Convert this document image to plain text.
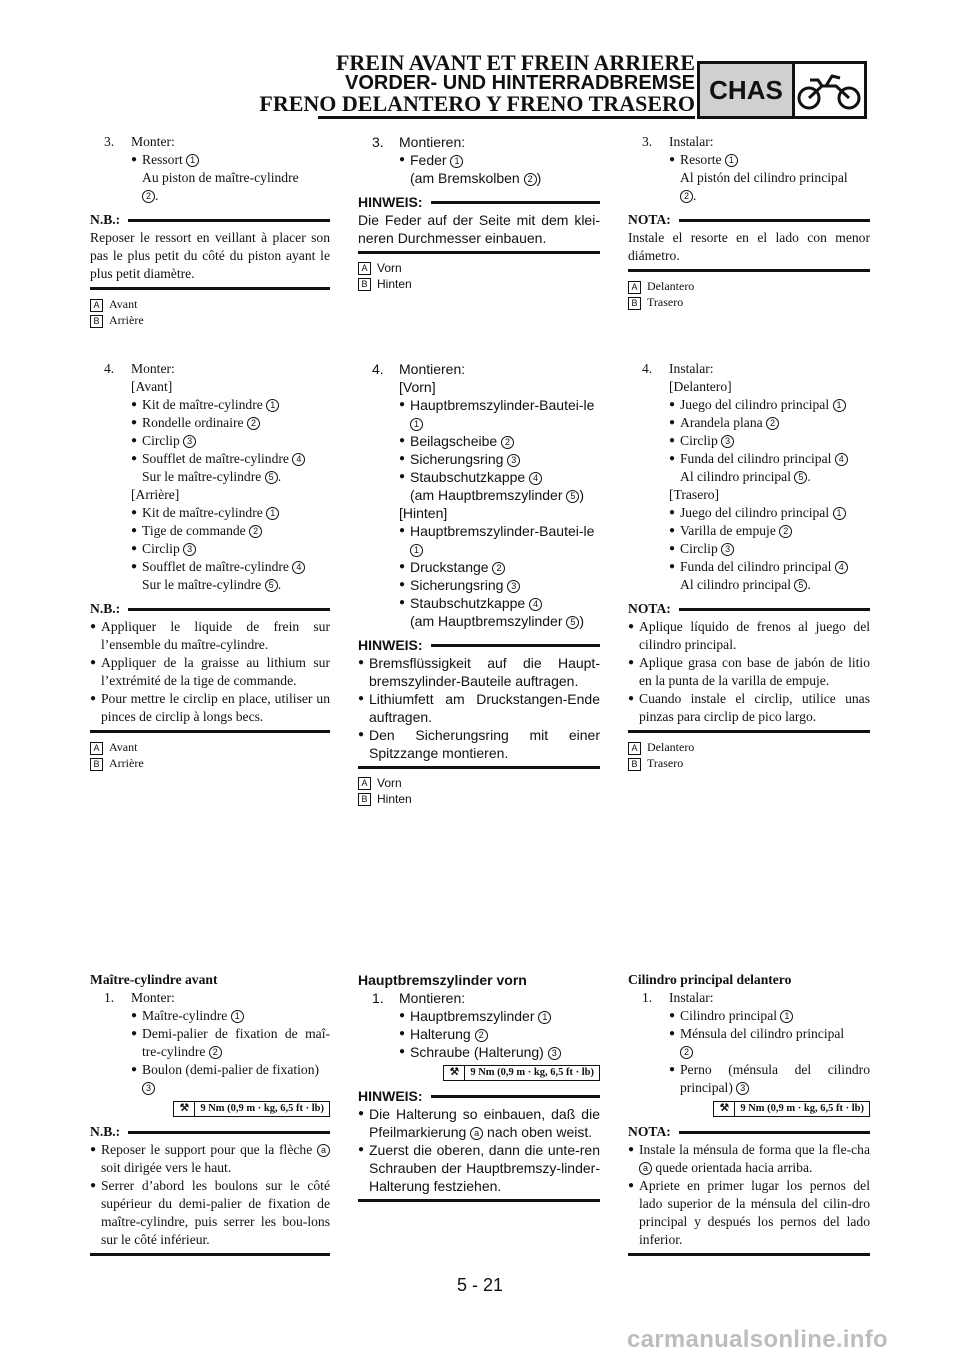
FREIN AVANT ET FREIN ARRIERE
VORDER- UND HINTERRADBREMSE
FRENO DELANTERO Y FRENO TRASERO CHAS
3.	Monter:
● Ressort 1
Au piston de maître-cylindre
2 .
N.B.:
Reposer le ressort en veillant à placer son pas le plus petit du côté du piston ayant le plus petit diamètre.
A Avant
B Arrière
4.	Monter:
[Avant]
● Kit de maître-cylindre 1
● Rondelle ordinaire 2
● Circlip 3
● Soufflet de maître-cylindre 4
Sur le maître-cylindre 5 .
[Arrière]
● Kit de maître-cylindre 1
● Tige de commande 2
● Circlip 3
● Soufflet de maître-cylindre 4
Sur le maître-cylindre 5 .
N.B.:
● Appliquer le liquide de frein sur l’ensemble du maître-cylindre.
● Appliquer de la graisse au lithium sur l’extrémité de la tige de commande.
● Pour mettre le circlip en place, utiliser un pinces de circlip à longs becs.
A Avant
B Arrière
Maître-cylindre avant
1.	Monter:
● Maître-cylindre 1
● Demi-palier de fixation de maî-tre-cylindre 2
● Boulon (demi-palier de fixation)
3
⚒	9 Nm (0,9 m · kg, 6,5 ft · lb)
N.B.:
● Reposer le support pour que la flèche a soit dirigée vers le haut.
● Serrer d’abord les boulons sur le côté supérieur du demi-palier de fixation de maître-cylindre, puis serrer les bou-lons sur le côté inférieur.
3.	Montieren:
● Feder 1
(am Bremskolben 2 )
HINWEIS:
Die Feder auf der Seite mit dem klei-neren Durchmesser einbauen.
A Vorn
B Hinten
4.	Montieren:
[Vorn]
● Hauptbremszylinder-Bautei-le 1
● Beilagscheibe 2
● Sicherungsring 3
● Staubschutzkappe 4
(am Hauptbremszylinder 5 )
[Hinten]
● Hauptbremszylinder-Bautei-le 1
● Druckstange 2
● Sicherungsring 3
● Staubschutzkappe 4
(am Hauptbremszylinder 5 )
HINWEIS:
● Bremsflüssigkeit auf die Haupt-bremszylinder-Bauteile auftragen.
● Lithiumfett am Druckstangen-Ende auftragen.
● Den Sicherungsring mit einer Spitzzange montieren.
A Vorn
B Hinten
Hauptbremszylinder vorn
1.	Montieren:
● Hauptbremszylinder 1
● Halterung 2
● Schraube (Halterung) 3
⚒	9 Nm (0,9 m · kg, 6,5 ft · lb)
HINWEIS:
● Die Halterung so einbauen, daß die Pfeilmarkierung a nach oben weist.
● Zuerst die oberen, dann die unte-ren Schrauben der Hauptbremszy-linder-Halterung festziehen.
3.	Instalar:
● Resorte 1
Al pistón del cilindro principal
2 .
NOTA:
Instale el resorte en el lado con menor diámetro.
A Delantero
B Trasero
4.	Instalar:
[Delantero]
● Juego del cilindro principal 1
● Arandela plana 2
● Circlip 3
● Funda del cilindro principal 4
Al cilindro principal 5 .
[Trasero]
● Juego del cilindro principal 1
● Varilla de empuje 2
● Circlip 3
● Funda del cilindro principal 4
Al cilindro principal 5 .
NOTA:
● Aplique líquido de frenos al juego del cilindro principal.
● Aplique grasa con base de jabón de litio en la punta de la varilla de empuje.
● Cuando instale el circlip, utilice unas pinzas para circlip de pico largo.
A Delantero
B Trasero
Cilindro principal delantero
1.	Instalar:
● Cilindro principal 1
● Ménsula del cilindro principal
2
● Perno (ménsula del cilindro principal) 3
⚒	9 Nm (0,9 m · kg, 6,5 ft · lb)
NOTA:
● Instale la ménsula de forma que la fle-cha a quede orientada hacia arriba.
● Apriete en primer lugar los pernos del lado superior de la ménsula del cilin-dro principal y después los pernos del lado inferior.
5 - 21
carmanualsonline.info
